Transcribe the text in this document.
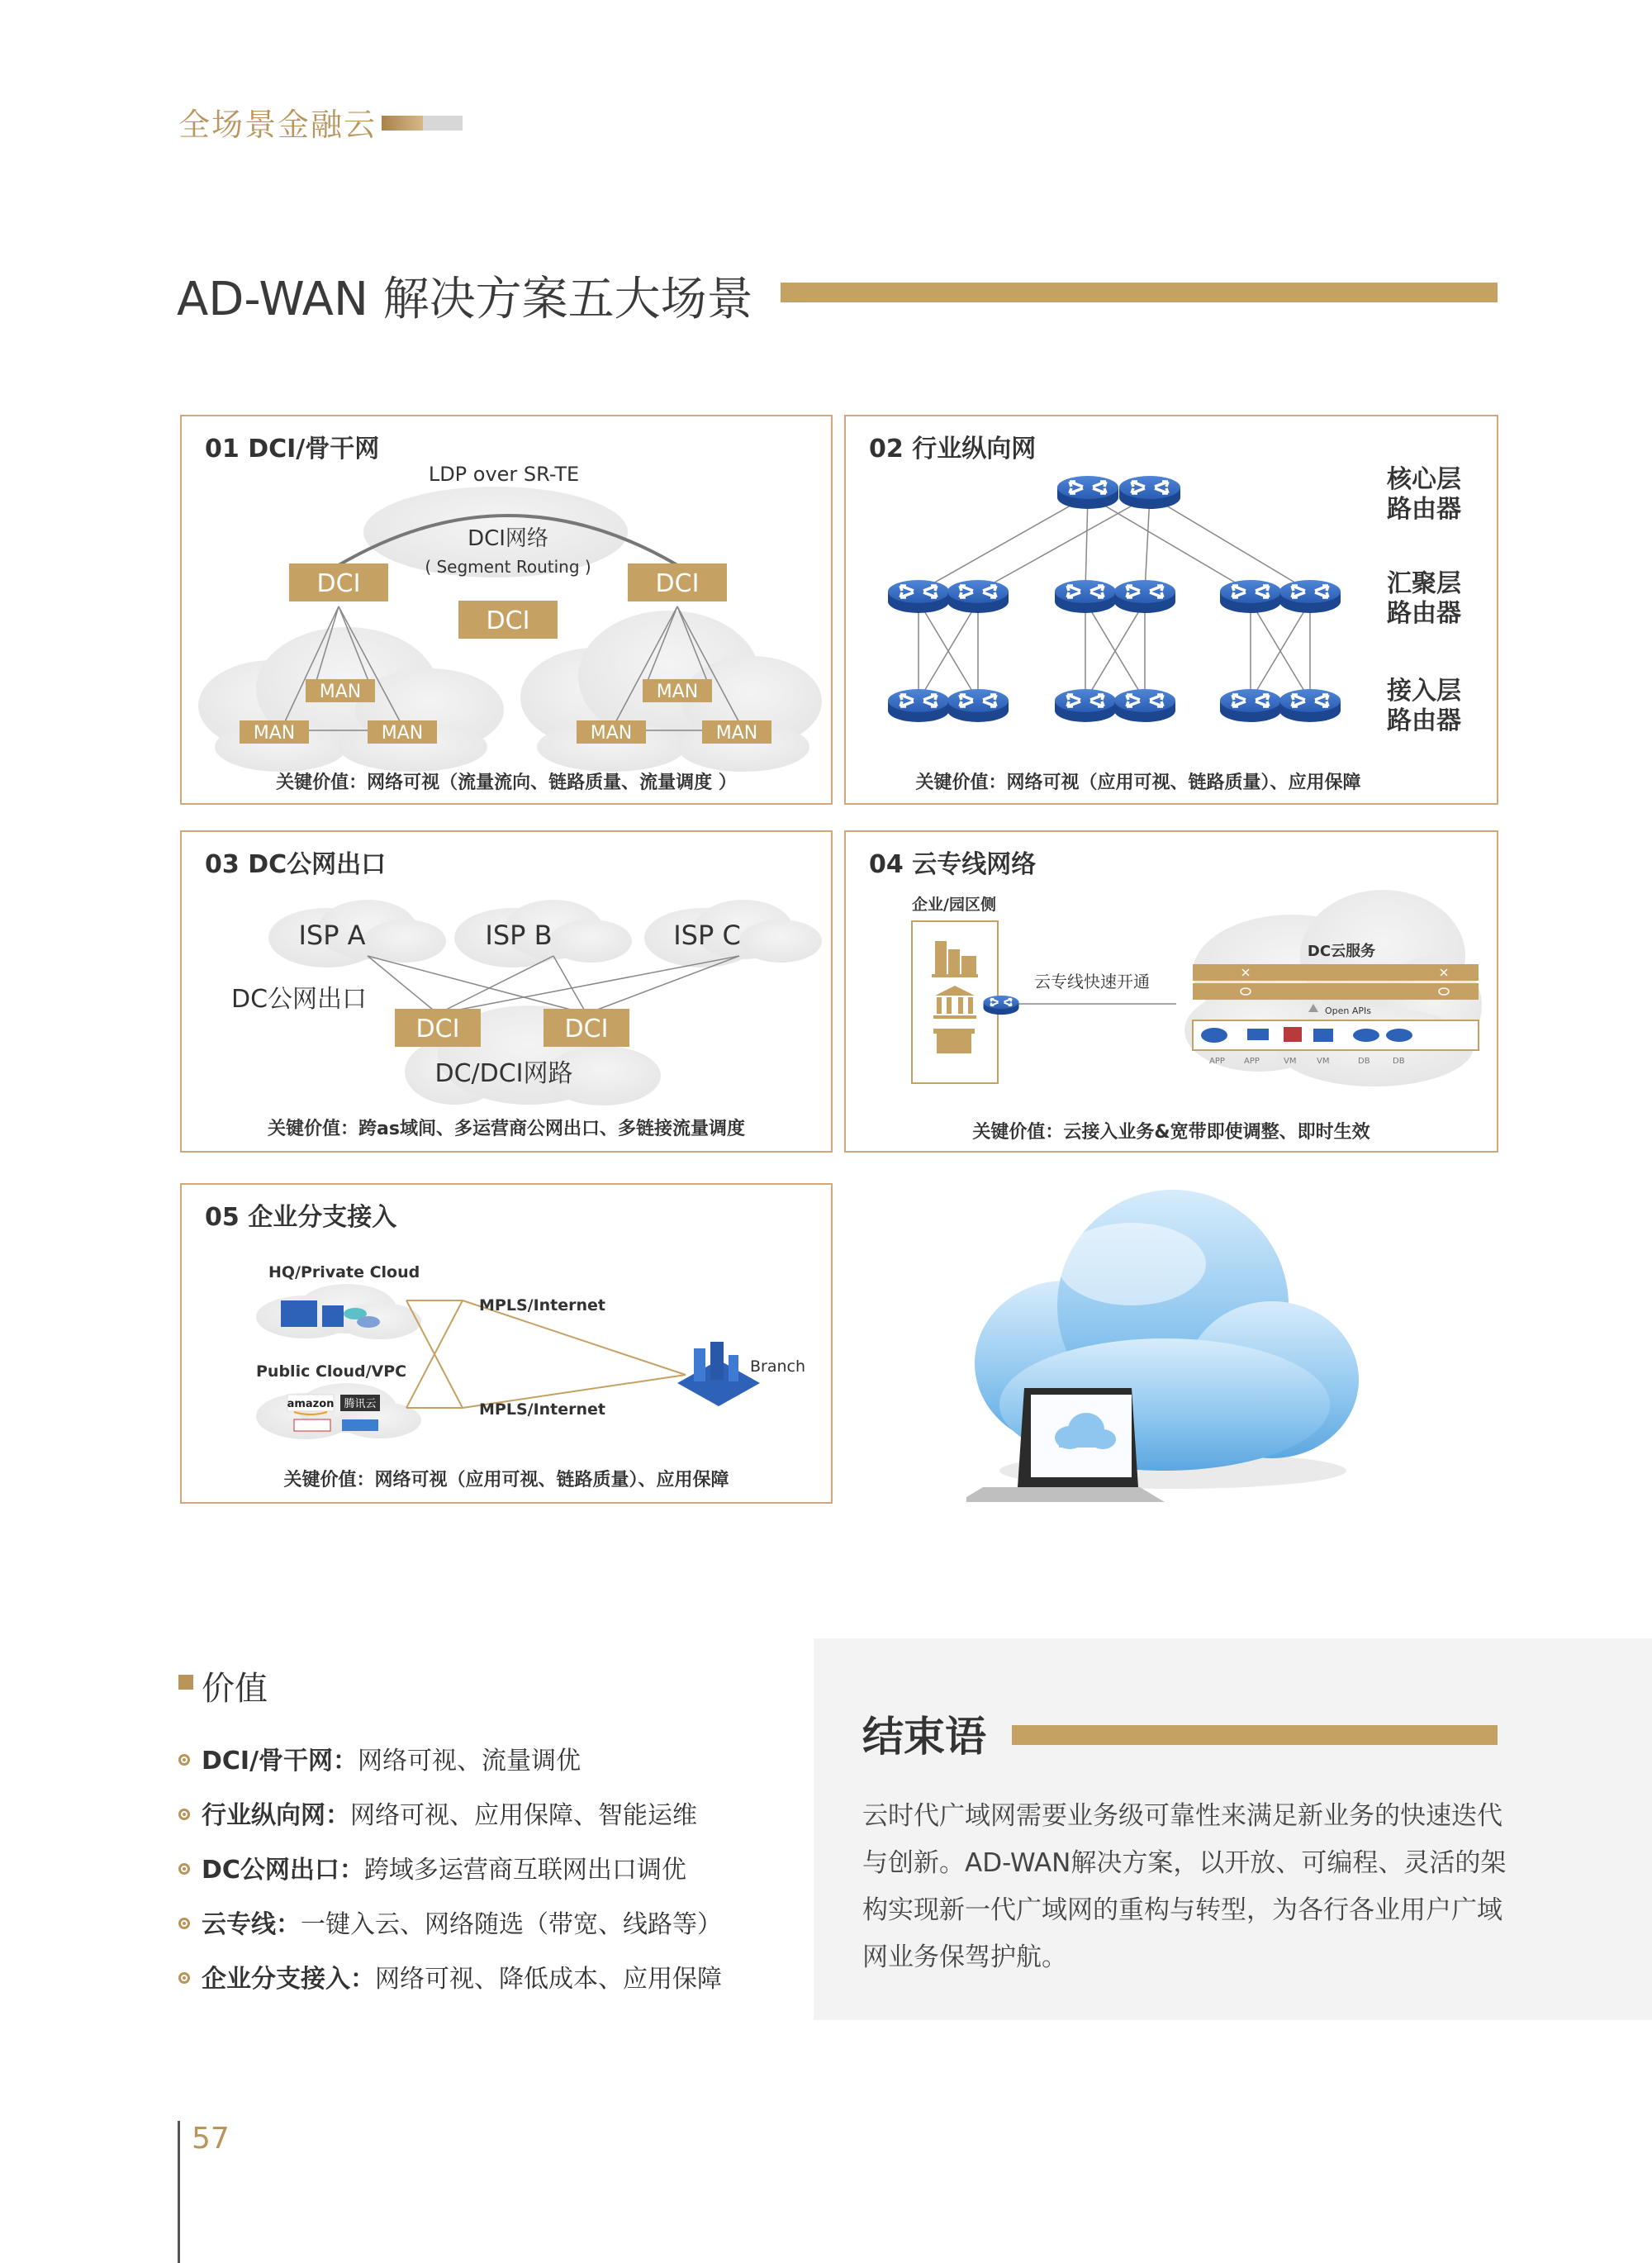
全场景金融云
AD-WAN 解决方案五大场景
DCI	DCI
DCI
MAN
MAN	MAN
MAN
MAN	MAN
LDP over SR-TE
DCI网络
( Segment Routing )
01 DCI/骨干网
关键价值：网络可视（流量流向、链路质量、流量调度 ）
核心层
路由器
汇聚层
路由器
接入层
路由器
02 行业纵向网
关键价值：网络可视（应用可视、链路质量）、应用保障
DCI	DCI
ISP A	ISP B	ISP C
DC公网出口
DC/DCI网路
03 DC公网出口
关键价值：跨as域间、多运营商公网出口、多链接流量调度
企业/园区侧
云专线快速开通
DC云服务
Open APIs
APP APP	VM VM	DB	DB
04 云专线网络
关键价值：云接入业务&宽带即使调整、即时生效
HQ/Private Cloud
Public Cloud/VPC
amazon 腾讯云
MPLS/Internet
MPLS/Internet
Branch
05 企业分支接入
关键价值：网络可视（应用可视、链路质量）、应用保障
价值
DCI/骨干网：网络可视、流量调优
行业纵向网：网络可视、应用保障、智能运维
DC公网出口：跨域多运营商互联网出口调优
云专线：一键入云、网络随选（带宽、线路等）
企业分支接入：网络可视、降低成本、应用保障
结束语
云时代广域网需要业务级可靠性来满足新业务的快速迭代与创新。AD-WAN解决方案，以开放、可编程、灵活的架构实现新一代广域网的重构与转型，为各行各业用户广域网业务保驾护航。
57
